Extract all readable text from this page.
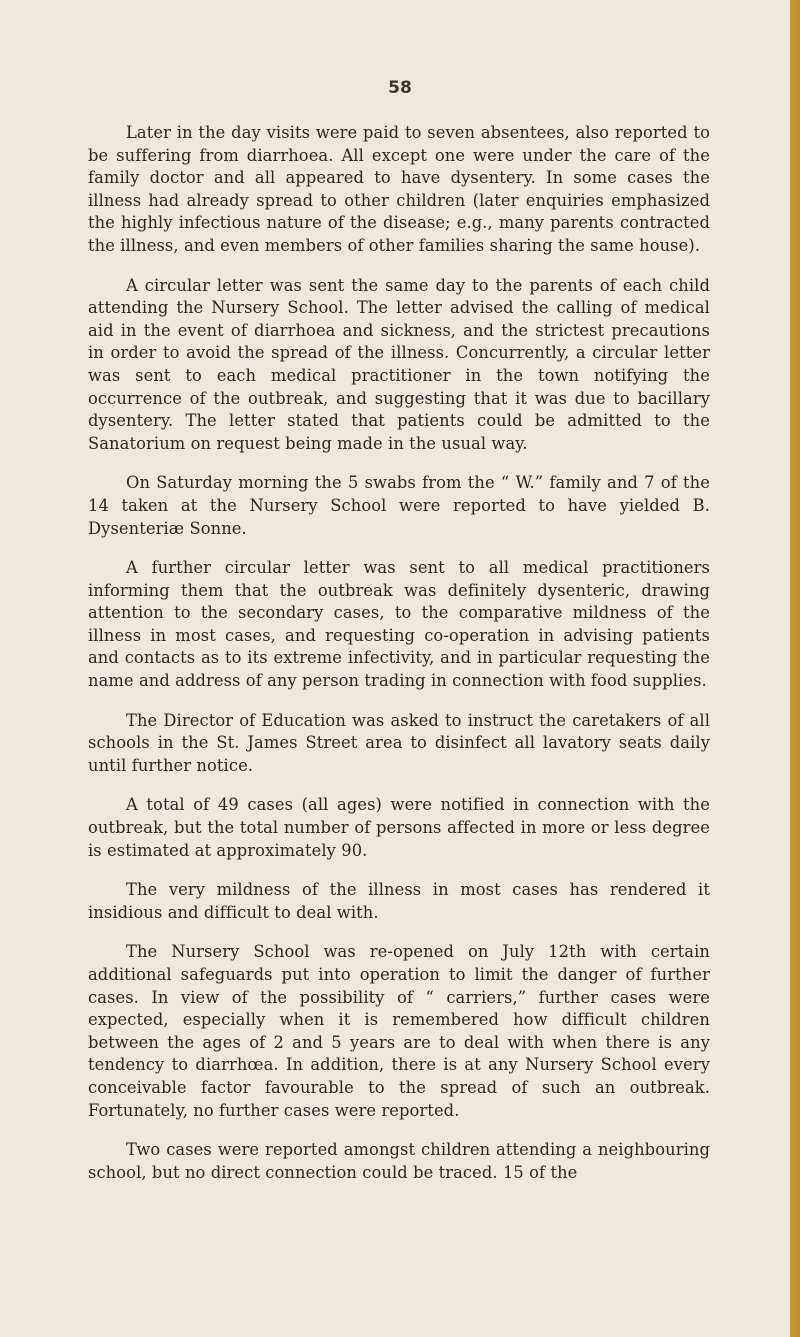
58

Later in the day visits were paid to seven absentees, also reported to be suffering from diarrhoea. All except one were under the care of the family doctor and all appeared to have dysentery. In some cases the illness had already spread to other children (later enquiries emphasized the highly infectious nature of the disease; e.g., many parents contracted the illness, and even members of other families sharing the same house).

A circular letter was sent the same day to the parents of each child attending the Nursery School. The letter advised the calling of medical aid in the event of diarrhoea and sickness, and the strictest precautions in order to avoid the spread of the illness. Concurrently, a circular letter was sent to each medical practitioner in the town notifying the occurrence of the outbreak, and suggesting that it was due to bacillary dysentery. The letter stated that patients could be admitted to the Sanatorium on request being made in the usual way.

On Saturday morning the 5 swabs from the “ W.” family and 7 of the 14 taken at the Nursery School were reported to have yielded B. Dysenteriæ Sonne.

A further circular letter was sent to all medical practitioners informing them that the outbreak was definitely dysenteric, drawing attention to the secondary cases, to the comparative mildness of the illness in most cases, and requesting co-operation in advising patients and contacts as to its extreme infectivity, and in particular requesting the name and address of any person trading in connection with food supplies.

The Director of Education was asked to instruct the caretakers of all schools in the St. James Street area to disinfect all lavatory seats daily until further notice.

A total of 49 cases (all ages) were notified in connection with the outbreak, but the total number of persons affected in more or less degree is estimated at approximately 90.

The very mildness of the illness in most cases has rendered it insidious and difficult to deal with.

The Nursery School was re-opened on July 12th with certain additional safeguards put into operation to limit the danger of further cases. In view of the possibility of “ carriers,” further cases were expected, especially when it is remembered how difficult children between the ages of 2 and 5 years are to deal with when there is any tendency to diarrhœa. In addition, there is at any Nursery School every conceivable factor favourable to the spread of such an outbreak. Fortunately, no further cases were reported.

Two cases were reported amongst children attending a neighbouring school, but no direct connection could be traced. 15 of the
